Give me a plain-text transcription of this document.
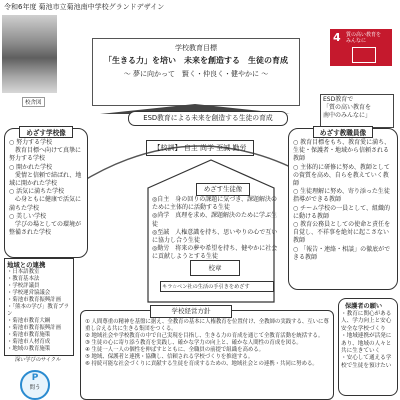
令和6年度 菊池市立菊池南中学校グランドデザイン
校舎図
学校教育目標
「生きる力」を培い　未来を創造する　生徒の育成
～ 夢に向かって　賢く・仲良く・健やかに ～
4 質の高い教育を
みんなに
ESD教育で
「質の高い教育を
南中のみんなに」
ESD教育による未来を創造する生徒の育成
めざす学校像
○ 努力する学校
　教育目標へ向けて真摯に努力する学校
○ 開かれた学校
　愛情と信頼で結ばれ、地域に開かれた学校
○ 活気に満ちた学校
　心身ともに健康で活気に満ちた学校
○ 美しい学校
　学びの場としての環境が整備された学校
めざす教職員像
○ 教育目標をもち、教育愛に満ち、生徒・保護者・地域から信頼される教師
○ 主体的に研修に努め、教師としての資質を高め、自らを教えていく教師
○ 生徒理解に努め、寄り添った生徒指導ができる教師
○ チーム学校の一員として、組織的に動ける教師
○ 教育公務員としての使命と責任を自覚し、不祥事を絶対に起こさない教師
○ 「報告・連絡・相談」の徹底ができる教師
【校訓】 自主 尚学 至誠 勤労
めざす生徒像
◎自主　身の回りの課題に気づき、課題解決のために主体的に活動する生徒
◎尚学　真理を求め、課題解決のために学ぶ生徒
◎至誠　人権意識を持ち、思いやりの心で互いに協力し合う生徒
◎勤労　将来の夢や希望を持ち、健やかに社会に貢献しようとする生徒
校章
キラ☆ペン社の生活の手引きをめざす
地域との連携
・日本語教室
・教育基本法
・学校評議員
・学校運営協議会
・菊池市教育振興計画
・「熊本の学び」教育プラン
・菊池市教育大綱
・菊池市教育振興計画
・菊池市教育施策
・菊池市人材育成
・地域の教育施策
保護者の願い
・教育に関心がある人、学力向上と安心安全な学校づくり
・地域連携が活発にあり、地域の人々と共に生きていく
・安心して通える学校で生徒を預けたい
① 人間尊重の精神を基盤に据え、全教育の基本に人権教育を位置付け、全教師の実践する、互いに尊重し合える共に生きる集団をつくる。
② 地域社会や学校教育の中で自己実現を目指し、生きる力の育成を通じて全教育活動を統括する。
③ 生徒の心に寄り添う教育を実践し、確かな学力の向上と、確かな人間性の育成を図る。
④ 生徒一人一人の個性を伸ばすとともに、全職員の前提で組織を高める。
⑤ 地域、保護者と連携・協働し、信頼される学校づくりを推進する。
⑥ 持続可能な社会づくりに貢献する生徒を育成するための、地域社会との連携・共同に努める。
学校経営方針
深い学びのサイクル
P
問う
